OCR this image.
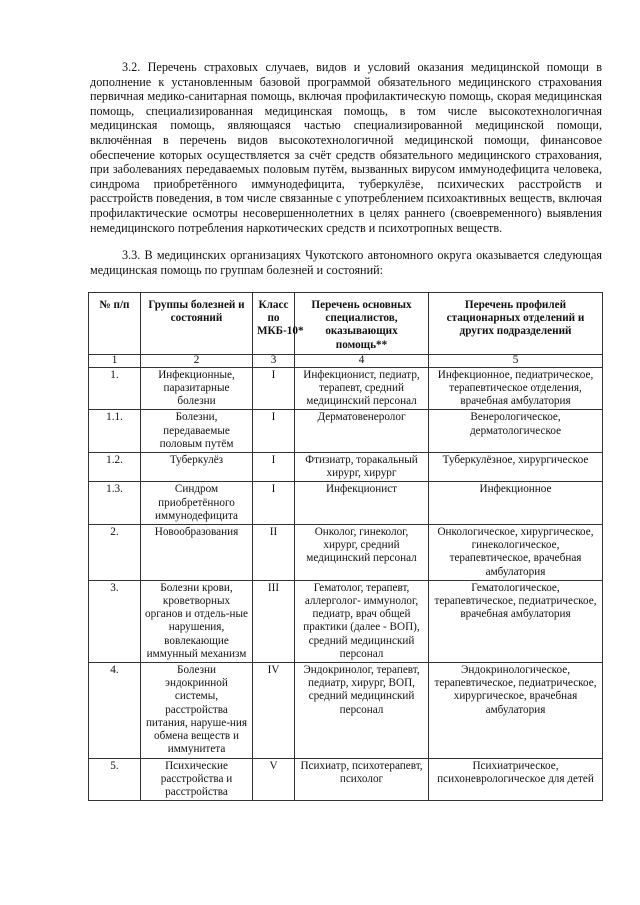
3.2. Перечень страховых случаев, видов и условий оказания медицинской помощи в дополнение к установленным базовой программой обязательного медицинского страхования первичная медико-санитарная помощь, включая профилактическую помощь, скорая медицинская помощь, специализированная медицинская помощь, в том числе высокотехнологичная медицинская помощь, являющаяся частью специализированной медицинской помощи, включённая в перечень видов высокотехнологичной медицинской помощи, финансовое обеспечение которых осуществляется за счёт средств обязательного медицинского страхования, при заболеваниях передаваемых половым путём, вызванных вирусом иммунодефицита человека, синдрома приобретённого иммунодефицита, туберкулёзе, психических расстройств и расстройств поведения, в том числе связанные с употреблением психоактивных веществ, включая профилактические осмотры несовершеннолетних в целях раннего (своевременного) выявления немедицинского потребления наркотических средств и психотропных веществ.

3.3. В медицинских организациях Чукотского автономного округа оказывается следующая медицинская помощь по группам болезней и состояний:

№ п/п	Группы болезней и состояний	Класс по МКБ-10*	Перечень основных специалистов, оказывающих помощь**	Перечень профилей стационарных отделений и других подразделений
1	2	3	4	5
1.	Инфекционные, паразитарные болезни	I	Инфекционист, педиатр, терапевт, средний медицинский персонал	Инфекционное, педиатрическое, терапевтическое отделения, врачебная амбулатория
1.1.	Болезни, передаваемые половым путём	I	Дерматовенеролог	Венерологическое, дерматологическое
1.2.	Туберкулёз	I	Фтизиатр, торакальный хирург, хирург	Туберкулёзное, хирургическое
1.3.	Синдром приобретённого иммунодефицита	I	Инфекционист	Инфекционное
2.	Новообразования	II	Онколог, гинеколог, хирург, средний медицинский персонал	Онкологическое, хирургическое, гинекологическое, терапевтическое, врачебная амбулатория
3.	Болезни крови, кроветворных органов и отдель-ные нарушения, вовлекающие иммунный механизм	III	Гематолог, терапевт, аллерголог- иммунолог, педиатр, врач общей практики (далее - ВОП), средний медицинский персонал	Гематологическое, терапевтическое, педиатрическое, врачебная амбулатория
4.	Болезни эндокринной системы, расстройства питания, наруше-ния обмена веществ и иммунитета	IV	Эндокринолог, терапевт, педиатр, хирург, ВОП, средний медицинский персонал	Эндокринологическое, терапевтическое, педиатрическое, хирургическое, врачебная амбулатория
5.	Психические расстройства и расстройства	V	Психиатр, психотерапевт, психолог	Психиатрическое, психоневрологическое для детей
